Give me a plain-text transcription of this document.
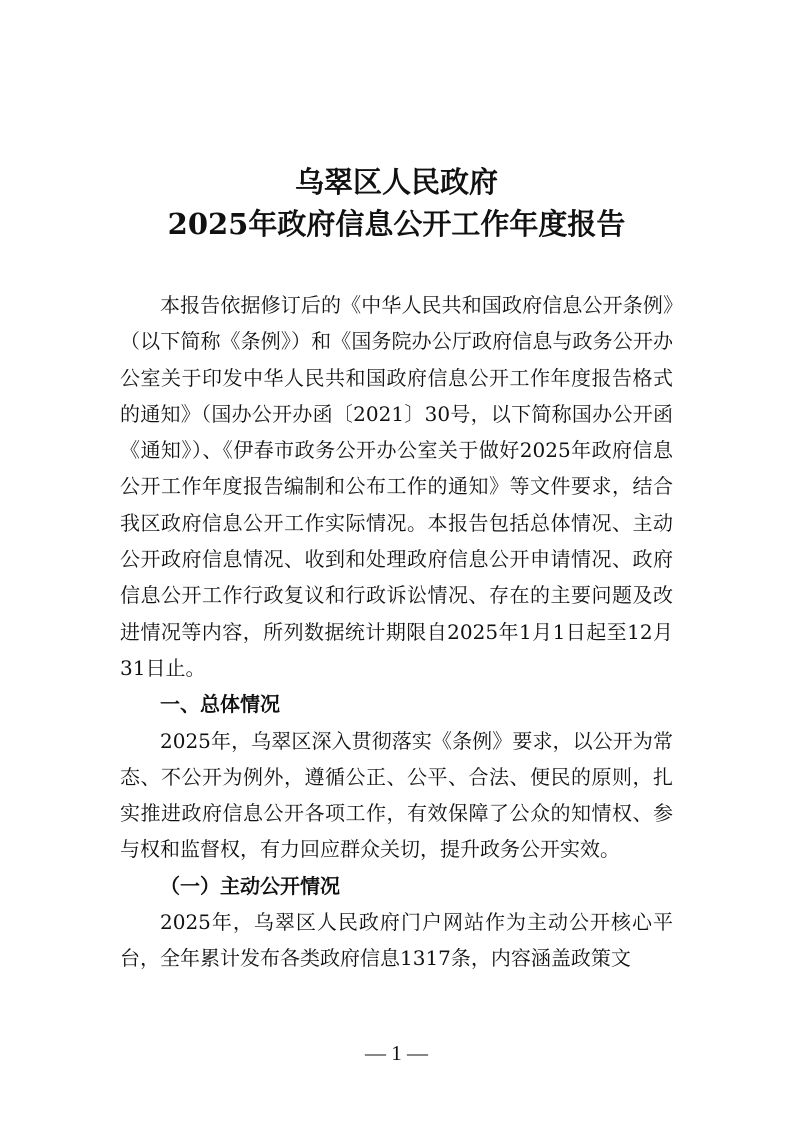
乌翠区人民政府
2025年政府信息公开工作年度报告

本报告依据修订后的《中华人民共和国政府信息公开条例》（以下简称《条例》）和《国务院办公厅政府信息与政务公开办公室关于印发中华人民共和国政府信息公开工作年度报告格式的通知》（国办公开办函〔2021〕30号，以下简称国办公开函《通知》）、《伊春市政务公开办公室关于做好2025年政府信息公开工作年度报告编制和公布工作的通知》等文件要求，结合我区政府信息公开工作实际情况。本报告包括总体情况、主动公开政府信息情况、收到和处理政府信息公开申请情况、政府信息公开工作行政复议和行政诉讼情况、存在的主要问题及改进情况等内容，所列数据统计期限自2025年1月1日起至12月31日止。

一、总体情况

2025年，乌翠区深入贯彻落实《条例》要求，以公开为常态、不公开为例外，遵循公正、公平、合法、便民的原则，扎实推进政府信息公开各项工作，有效保障了公众的知情权、参与权和监督权，有力回应群众关切，提升政务公开实效。

（一）主动公开情况

2025年，乌翠区人民政府门户网站作为主动公开核心平台，全年累计发布各类政府信息1317条，内容涵盖政策文

— 1 —
